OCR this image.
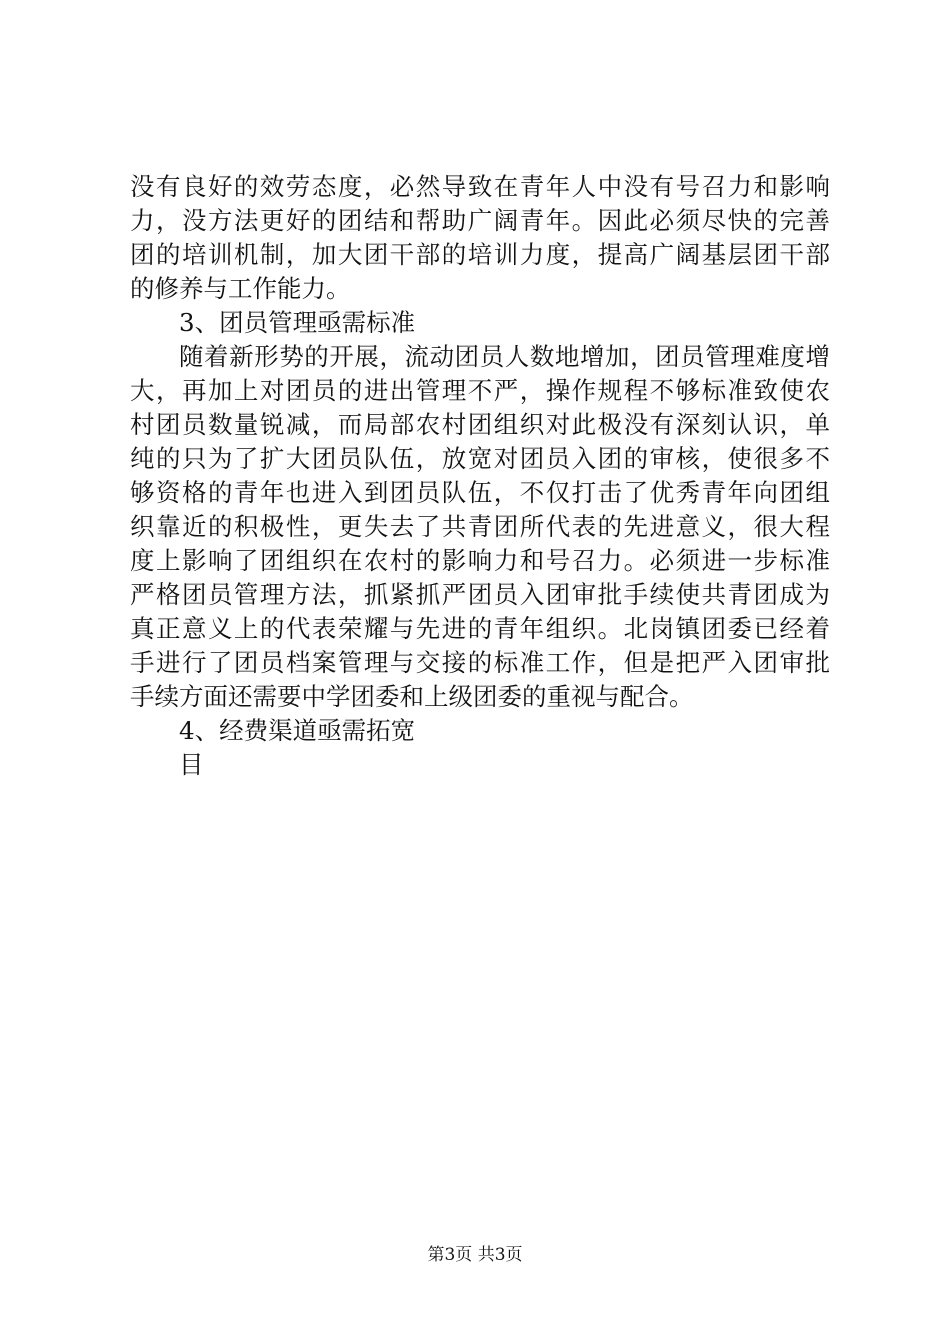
没有良好的效劳态度，必然导致在青年人中没有号召力和影响
力，没方法更好的团结和帮助广阔青年。因此必须尽快的完善
团的培训机制，加大团干部的培训力度，提高广阔基层团干部
的修养与工作能力。
3、团员管理亟需标准
随着新形势的开展，流动团员人数地增加，团员管理难度增
大，再加上对团员的进出管理不严，操作规程不够标准致使农
村团员数量锐减，而局部农村团组织对此极没有深刻认识，单
纯的只为了扩大团员队伍，放宽对团员入团的审核，使很多不
够资格的青年也进入到团员队伍，不仅打击了优秀青年向团组
织靠近的积极性，更失去了共青团所代表的先进意义，很大程
度上影响了团组织在农村的影响力和号召力。必须进一步标准
严格团员管理方法，抓紧抓严团员入团审批手续使共青团成为
真正意义上的代表荣耀与先进的青年组织。北岗镇团委已经着
手进行了团员档案管理与交接的标准工作，但是把严入团审批
手续方面还需要中学团委和上级团委的重视与配合。
4、经费渠道亟需拓宽
目
第3页 共3页
